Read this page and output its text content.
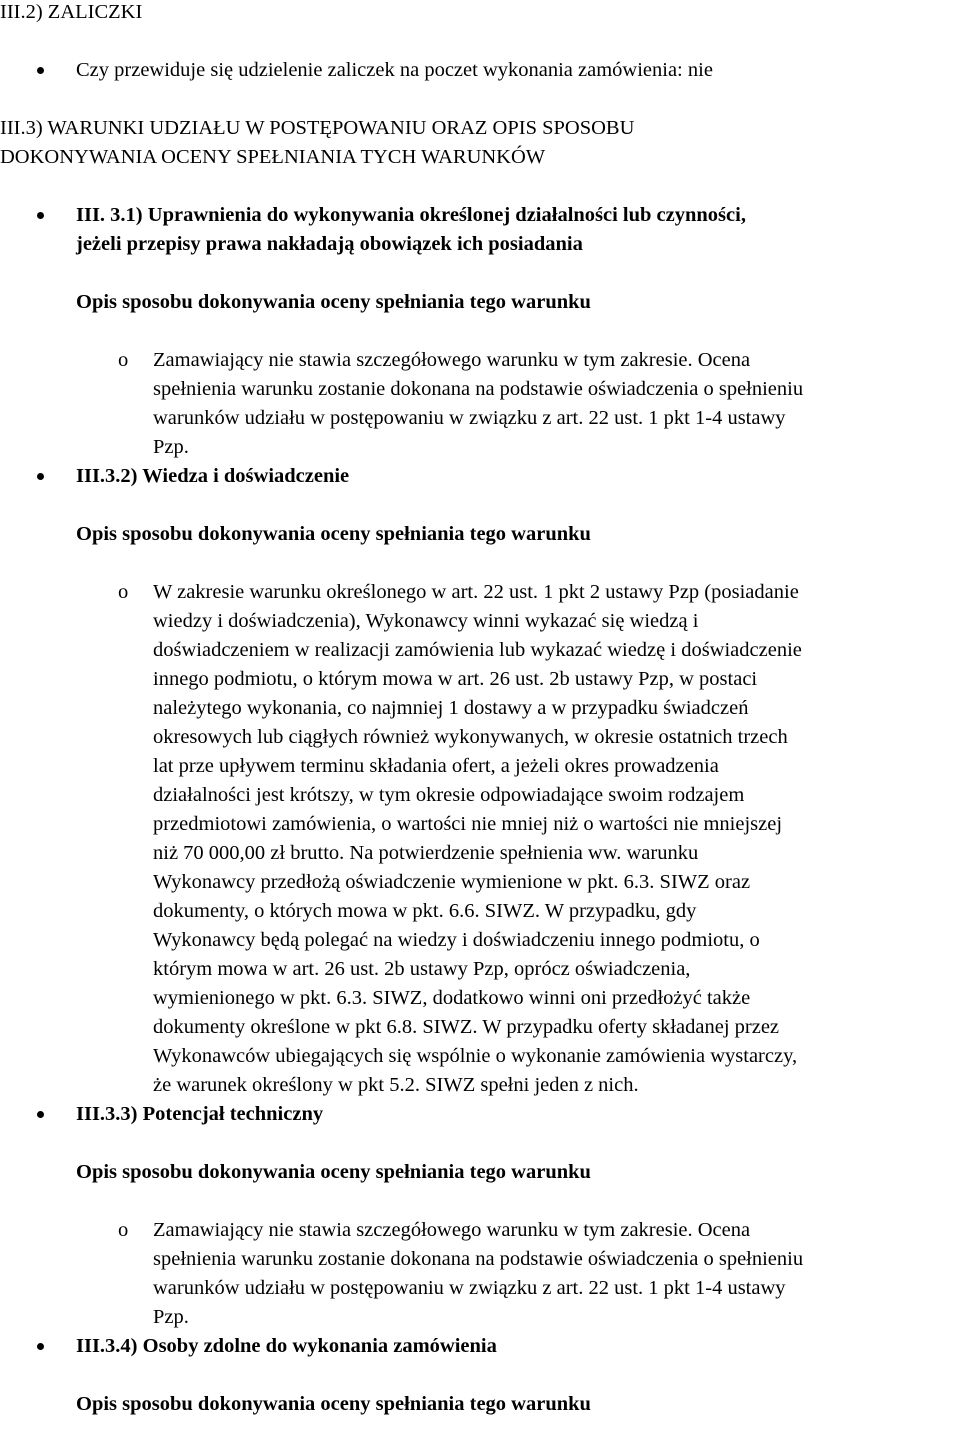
III.2) ZALICZKI
Czy przewiduje się udzielenie zaliczek na poczet wykonania zamówienia: nie
III.3) WARUNKI UDZIAŁU W POSTĘPOWANIU ORAZ OPIS SPOSOBU
DOKONYWANIA OCENY SPEŁNIANIA TYCH WARUNKÓW
III. 3.1) Uprawnienia do wykonywania określonej działalności lub czynności,
jeżeli przepisy prawa nakładają obowiązek ich posiadania
Opis sposobu dokonywania oceny spełniania tego warunku
o Zamawiający nie stawia szczegółowego warunku w tym zakresie. Ocena
spełnienia warunku zostanie dokonana na podstawie oświadczenia o spełnieniu
warunków udziału w postępowaniu w związku z art. 22 ust. 1 pkt 1-4 ustawy
Pzp.
III.3.2) Wiedza i doświadczenie
Opis sposobu dokonywania oceny spełniania tego warunku
o W zakresie warunku określonego w art. 22 ust. 1 pkt 2 ustawy Pzp (posiadanie
wiedzy i doświadczenia), Wykonawcy winni wykazać się wiedzą i
doświadczeniem w realizacji zamówienia lub wykazać wiedzę i doświadczenie
innego podmiotu, o którym mowa w art. 26 ust. 2b ustawy Pzp, w postaci
należytego wykonania, co najmniej 1 dostawy a w przypadku świadczeń
okresowych lub ciągłych również wykonywanych, w okresie ostatnich trzech
lat prze upływem terminu składania ofert, a jeżeli okres prowadzenia
działalności jest krótszy, w tym okresie odpowiadające swoim rodzajem
przedmiotowi zamówienia, o wartości nie mniej niż o wartości nie mniejszej
niż 70 000,00 zł brutto. Na potwierdzenie spełnienia ww. warunku
Wykonawcy przedłożą oświadczenie wymienione w pkt. 6.3. SIWZ oraz
dokumenty, o których mowa w pkt. 6.6. SIWZ. W przypadku, gdy
Wykonawcy będą polegać na wiedzy i doświadczeniu innego podmiotu, o
którym mowa w art. 26 ust. 2b ustawy Pzp, oprócz oświadczenia,
wymienionego w pkt. 6.3. SIWZ, dodatkowo winni oni przedłożyć także
dokumenty określone w pkt 6.8. SIWZ. W przypadku oferty składanej przez
Wykonawców ubiegających się wspólnie o wykonanie zamówienia wystarczy,
że warunek określony w pkt 5.2. SIWZ spełni jeden z nich.
III.3.3) Potencjał techniczny
Opis sposobu dokonywania oceny spełniania tego warunku
o Zamawiający nie stawia szczegółowego warunku w tym zakresie. Ocena
spełnienia warunku zostanie dokonana na podstawie oświadczenia o spełnieniu
warunków udziału w postępowaniu w związku z art. 22 ust. 1 pkt 1-4 ustawy
Pzp.
III.3.4) Osoby zdolne do wykonania zamówienia
Opis sposobu dokonywania oceny spełniania tego warunku
